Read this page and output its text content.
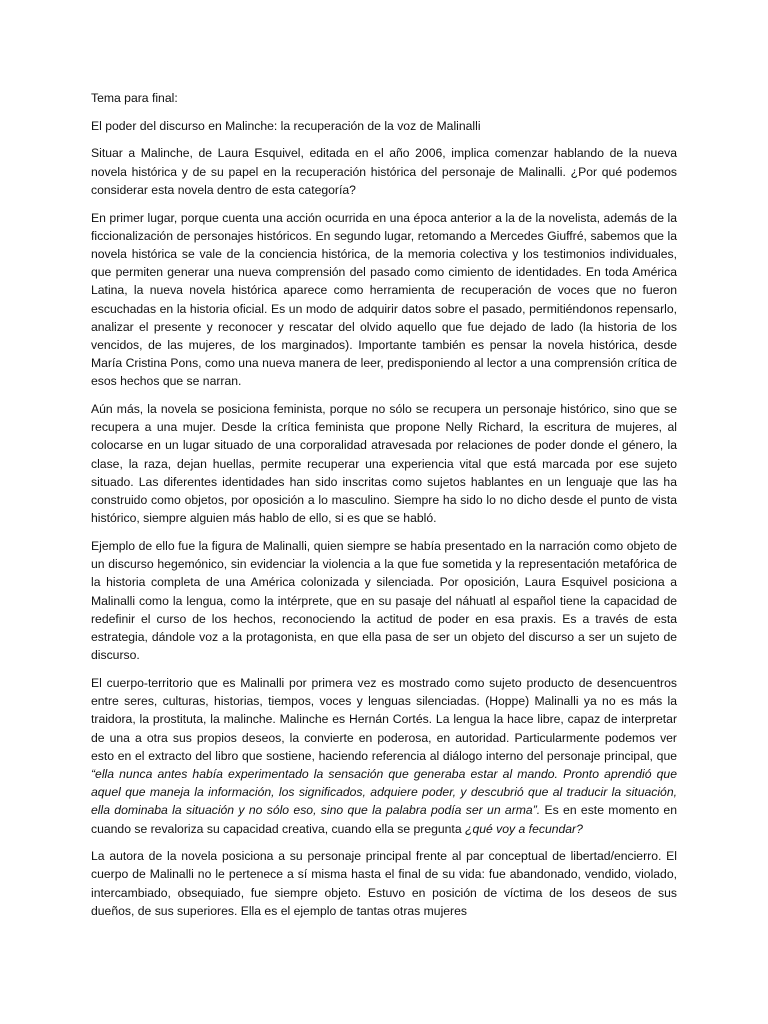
Tema para final:

El poder del discurso en Malinche: la recuperación de la voz de Malinalli

Situar a Malinche, de Laura Esquivel, editada en el año 2006, implica comenzar hablando de la nueva novela histórica y de su papel en la recuperación histórica del personaje de Malinalli. ¿Por qué podemos considerar esta novela dentro de esta categoría?

En primer lugar, porque cuenta una acción ocurrida en una época anterior a la de la novelista, además de la ficcionalización de personajes históricos. En segundo lugar, retomando a Mercedes Giuffré, sabemos que la novela histórica se vale de la conciencia histórica, de la memoria colectiva y los testimonios individuales, que permiten generar una nueva comprensión del pasado como cimiento de identidades. En toda América Latina, la nueva novela histórica aparece como herramienta de recuperación de voces que no fueron escuchadas en la historia oficial. Es un modo de adquirir datos sobre el pasado, permitiéndonos repensarlo, analizar el presente y reconocer y rescatar del olvido aquello que fue dejado de lado (la historia de los vencidos, de las mujeres, de los marginados). Importante también es pensar la novela histórica, desde María Cristina Pons, como una nueva manera de leer, predisponiendo al lector a una comprensión crítica de esos hechos que se narran.

Aún más, la novela se posiciona feminista, porque no sólo se recupera un personaje histórico, sino que se recupera a una mujer. Desde la crítica feminista que propone Nelly Richard, la escritura de mujeres, al colocarse en un lugar situado de una corporalidad atravesada por relaciones de poder donde el género, la clase, la raza, dejan huellas, permite recuperar una experiencia vital que está marcada por ese sujeto situado. Las diferentes identidades han sido inscritas como sujetos hablantes en un lenguaje que las ha construido como objetos, por oposición a lo masculino. Siempre ha sido lo no dicho desde el punto de vista histórico, siempre alguien más hablo de ello, si es que se habló.

Ejemplo de ello fue la figura de Malinalli, quien siempre se había presentado en la narración como objeto de un discurso hegemónico, sin evidenciar la violencia a la que fue sometida y la representación metafórica de la historia completa de una América colonizada y silenciada. Por oposición, Laura Esquivel posiciona a Malinalli como la lengua, como la intérprete, que en su pasaje del náhuatl al español tiene la capacidad de redefinir el curso de los hechos, reconociendo la actitud de poder en esa praxis. Es a través de esta estrategia, dándole voz a la protagonista, en que ella pasa de ser un objeto del discurso a ser un sujeto de discurso.

El cuerpo-territorio que es Malinalli por primera vez es mostrado como sujeto producto de desencuentros entre seres, culturas, historias, tiempos, voces y lenguas silenciadas. (Hoppe) Malinalli ya no es más la traidora, la prostituta, la malinche. Malinche es Hernán Cortés. La lengua la hace libre, capaz de interpretar de una a otra sus propios deseos, la convierte en poderosa, en autoridad. Particularmente podemos ver esto en el extracto del libro que sostiene, haciendo referencia al diálogo interno del personaje principal, que “ella nunca antes había experimentado la sensación que generaba estar al mando. Pronto aprendió que aquel que maneja la información, los significados, adquiere poder, y descubrió que al traducir la situación, ella dominaba la situación y no sólo eso, sino que la palabra podía ser un arma”. Es en este momento en cuando se revaloriza su capacidad creativa, cuando ella se pregunta ¿qué voy a fecundar?

La autora de la novela posiciona a su personaje principal frente al par conceptual de libertad/encierro. El cuerpo de Malinalli no le pertenece a sí misma hasta el final de su vida: fue abandonado, vendido, violado, intercambiado, obsequiado, fue siempre objeto. Estuvo en posición de víctima de los deseos de sus dueños, de sus superiores. Ella es el ejemplo de tantas otras mujeres
